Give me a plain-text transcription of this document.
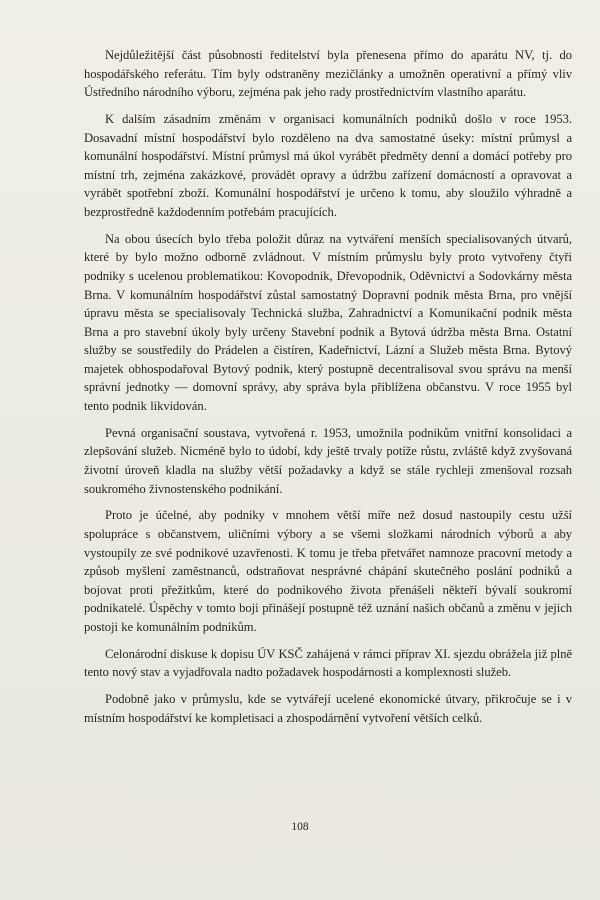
Nejdůležitější část působnosti ředitelství byla přenesena přímo do aparátu NV, tj. do hospodářského referátu. Tím byly odstraněny mezičlánky a umožněn operativní a přímý vliv Ústředního národního výboru, zejména pak jeho rady prostřednictvím vlastního aparátu.

K dalším zásadním změnám v organisaci komunálních podniků došlo v roce 1953. Dosavadní místní hospodářství bylo rozděleno na dva samostatné úseky: místní průmysl a komunální hospodářství. Místní průmysl má úkol vyrábět předměty denní a domácí potřeby pro místní trh, zejména zakázkové, provádět opravy a údržbu zařízení domácností a opravovat a vyrábět spotřební zboží. Komunální hospodářství je určeno k tomu, aby sloužilo výhradně a bezprostředně každodenním potřebám pracujících.

Na obou úsecích bylo třeba položit důraz na vytváření menších specialisovaných útvarů, které by bylo možno odborně zvládnout. V místním průmyslu byly proto vytvořeny čtyři podniky s ucelenou problematikou: Kovopodnik, Dřevopodnik, Oděvnictví a Sodovkárny města Brna. V komunálním hospodářství zůstal samostatný Dopravní podnik města Brna, pro vnější úpravu města se specialisovaly Technická služba, Zahradnictví a Komunikační podnik města Brna a pro stavební úkoly byly určeny Stavební podnik a Bytová údržba města Brna. Ostatní služby se soustředily do Prádelen a čistíren, Kadeřnictví, Lázní a Služeb města Brna. Bytový majetek obhospodařoval Bytový podnik, který postupně decentralisoval svou správu na menší správní jednotky — domovní správy, aby správa byla přiblížena občanstvu. V roce 1955 byl tento podnik likvidován.

Pevná organisační soustava, vytvořená r. 1953, umožnila podnikům vnitřní konsolidaci a zlepšování služeb. Nicméně bylo to údobí, kdy ještě trvaly potíže růstu, zvláště když zvyšovaná životní úroveň kladla na služby větší požadavky a když se stále rychleji zmenšoval rozsah soukromého živnostenského podnikání.

Proto je účelné, aby podniky v mnohem větší míře než dosud nastoupily cestu užší spolupráce s občanstvem, uličními výbory a se všemi složkami národních výborů a aby vystoupily ze své podnikové uzavřenosti. K tomu je třeba přetvářet namnoze pracovní metody a způsob myšlení zaměstnanců, odstraňovat nesprávné chápání skutečného poslání podniků a bojovat proti přežitkům, které do podnikového života přenášeli někteří bývalí soukromí podnikatelé. Úspěchy v tomto boji přinášejí postupně též uznání našich občanů a změnu v jejich postoji ke komunálním podnikům.

Celonárodní diskuse k dopisu ÚV KSČ zahájená v rámci příprav XI. sjezdu obrážela již plně tento nový stav a vyjadřovala nadto požadavek hospodárnosti a komplexnosti služeb.

Podobně jako v průmyslu, kde se vytvářejí ucelené ekonomické útvary, přikročuje se i v místním hospodářství ke kompletisaci a zhospodárnění vytvoření větších celků.

108
